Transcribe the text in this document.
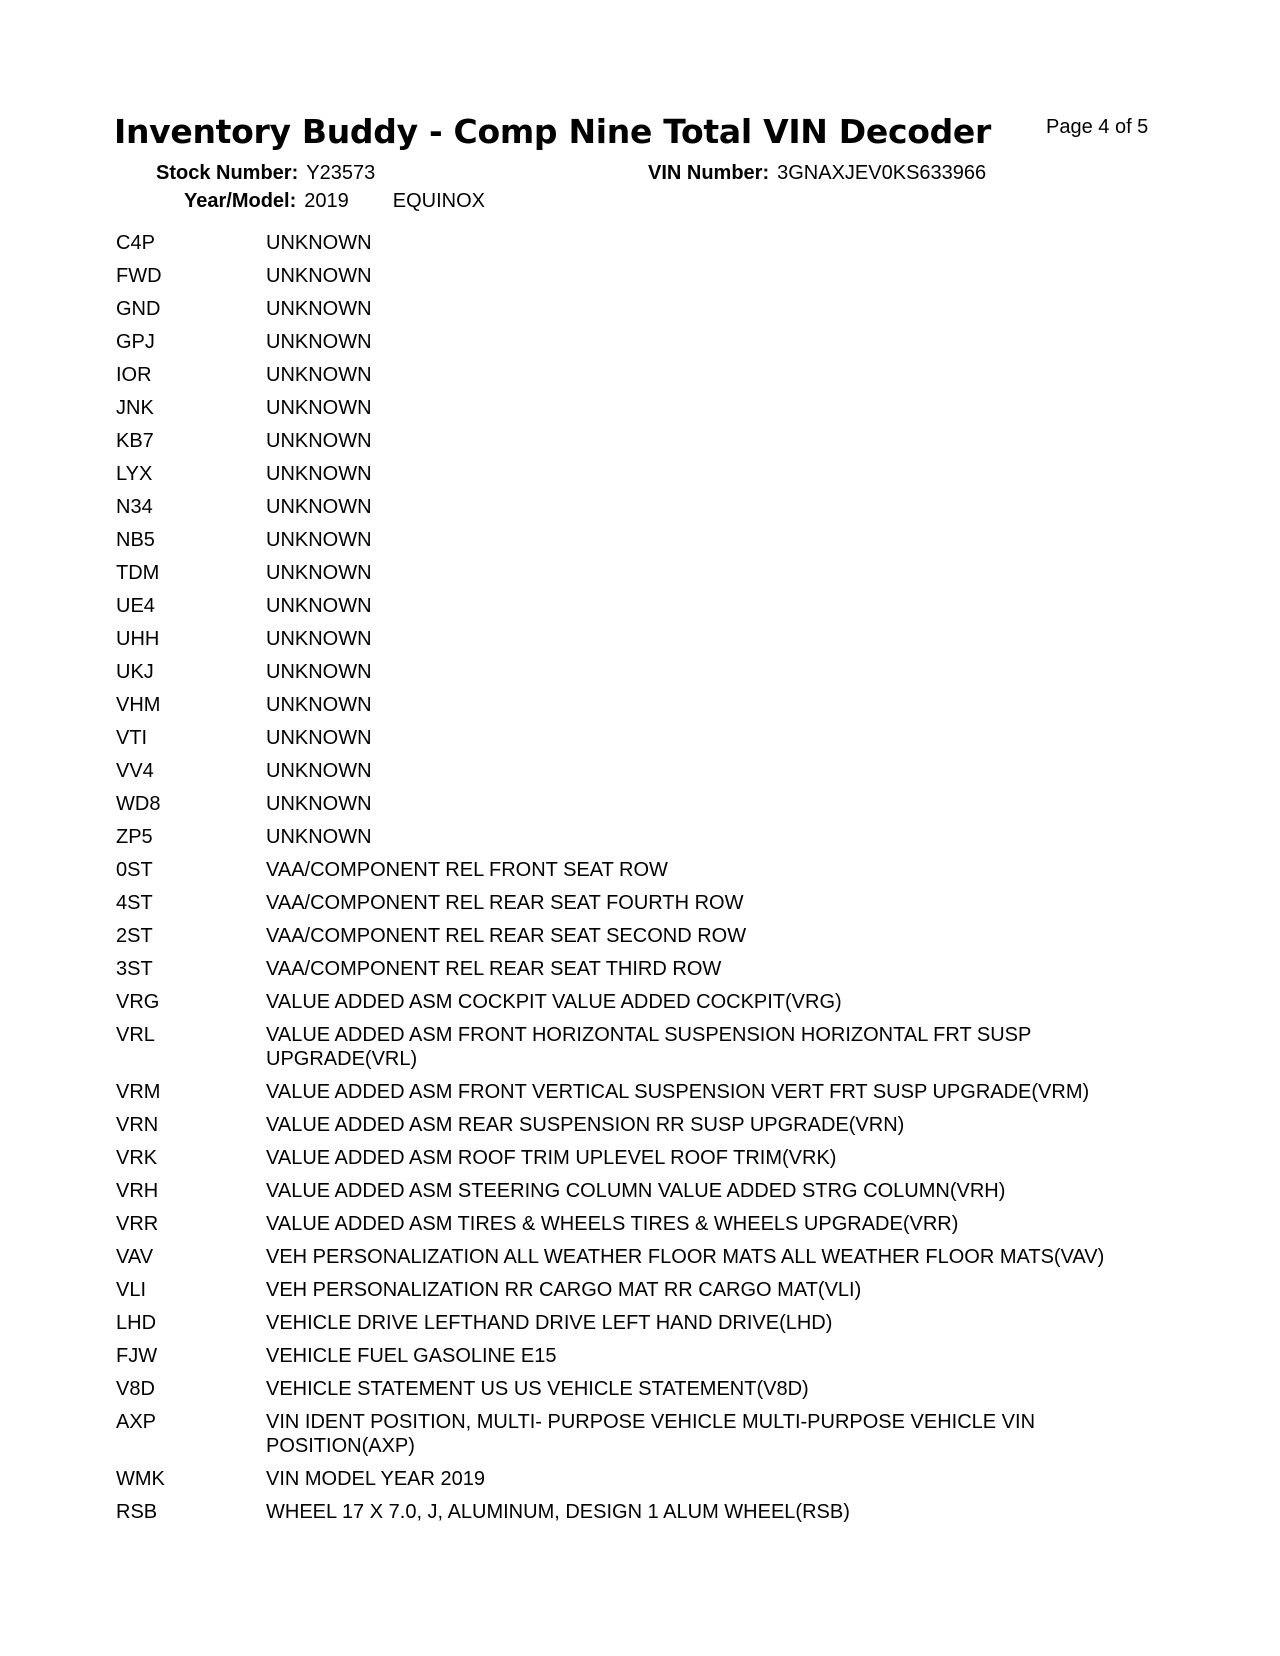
Inventory Buddy - Comp Nine Total VIN Decoder	Page 4 of 5
Stock Number: Y23573	VIN Number: 3GNAXJEV0KS633966
Year/Model: 2019 EQUINOX
C4P	UNKNOWN
FWD	UNKNOWN
GND	UNKNOWN
GPJ	UNKNOWN
IOR	UNKNOWN
JNK	UNKNOWN
KB7	UNKNOWN
LYX	UNKNOWN
N34	UNKNOWN
NB5	UNKNOWN
TDM	UNKNOWN
UE4	UNKNOWN
UHH	UNKNOWN
UKJ	UNKNOWN
VHM	UNKNOWN
VTI	UNKNOWN
VV4	UNKNOWN
WD8	UNKNOWN
ZP5	UNKNOWN
0ST	VAA/COMPONENT REL FRONT SEAT ROW
4ST	VAA/COMPONENT REL REAR SEAT FOURTH ROW
2ST	VAA/COMPONENT REL REAR SEAT SECOND ROW
3ST	VAA/COMPONENT REL REAR SEAT THIRD ROW
VRG	VALUE ADDED ASM COCKPIT VALUE ADDED COCKPIT(VRG)
VRL	VALUE ADDED ASM FRONT HORIZONTAL SUSPENSION HORIZONTAL FRT SUSP UPGRADE(VRL)
VRM	VALUE ADDED ASM FRONT VERTICAL SUSPENSION VERT FRT SUSP UPGRADE(VRM)
VRN	VALUE ADDED ASM REAR SUSPENSION RR SUSP UPGRADE(VRN)
VRK	VALUE ADDED ASM ROOF TRIM UPLEVEL ROOF TRIM(VRK)
VRH	VALUE ADDED ASM STEERING COLUMN VALUE ADDED STRG COLUMN(VRH)
VRR	VALUE ADDED ASM TIRES & WHEELS TIRES & WHEELS UPGRADE(VRR)
VAV	VEH PERSONALIZATION ALL WEATHER FLOOR MATS ALL WEATHER FLOOR MATS(VAV)
VLI	VEH PERSONALIZATION RR CARGO MAT RR CARGO MAT(VLI)
LHD	VEHICLE DRIVE LEFTHAND DRIVE LEFT HAND DRIVE(LHD)
FJW	VEHICLE FUEL GASOLINE E15
V8D	VEHICLE STATEMENT US US VEHICLE STATEMENT(V8D)
AXP	VIN IDENT POSITION, MULTI- PURPOSE VEHICLE MULTI-PURPOSE VEHICLE VIN POSITION(AXP)
WMK	VIN MODEL YEAR 2019
RSB	WHEEL 17 X 7.0, J, ALUMINUM, DESIGN 1 ALUM WHEEL(RSB)
